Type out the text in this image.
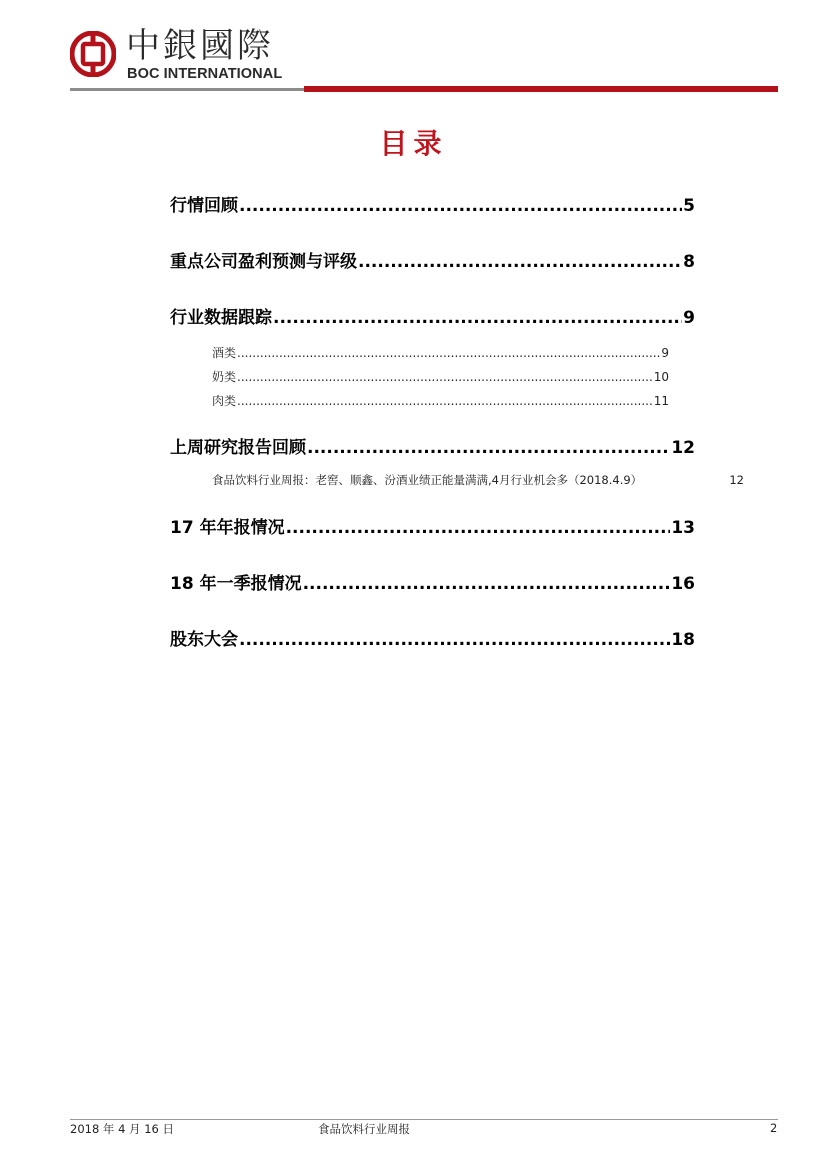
中銀國際
BOC INTERNATIONAL
目录
行情回顾 .....	5
重点公司盈利预测与评级 .....	8
行业数据跟踪 .....	9
酒类 .....	9
奶类 .....	10
肉类 .....	11
上周研究报告回顾 .....	12
食品饮料行业周报：老窖、顺鑫、汾酒业绩正能量满满,4月行业机会多（2018.4.9）	12
17 年年报情况 .....	13
18 年一季报情况 .....	16
股东大会 .....	18
2018 年 4 月 16 日	食品饮料行业周报	2
